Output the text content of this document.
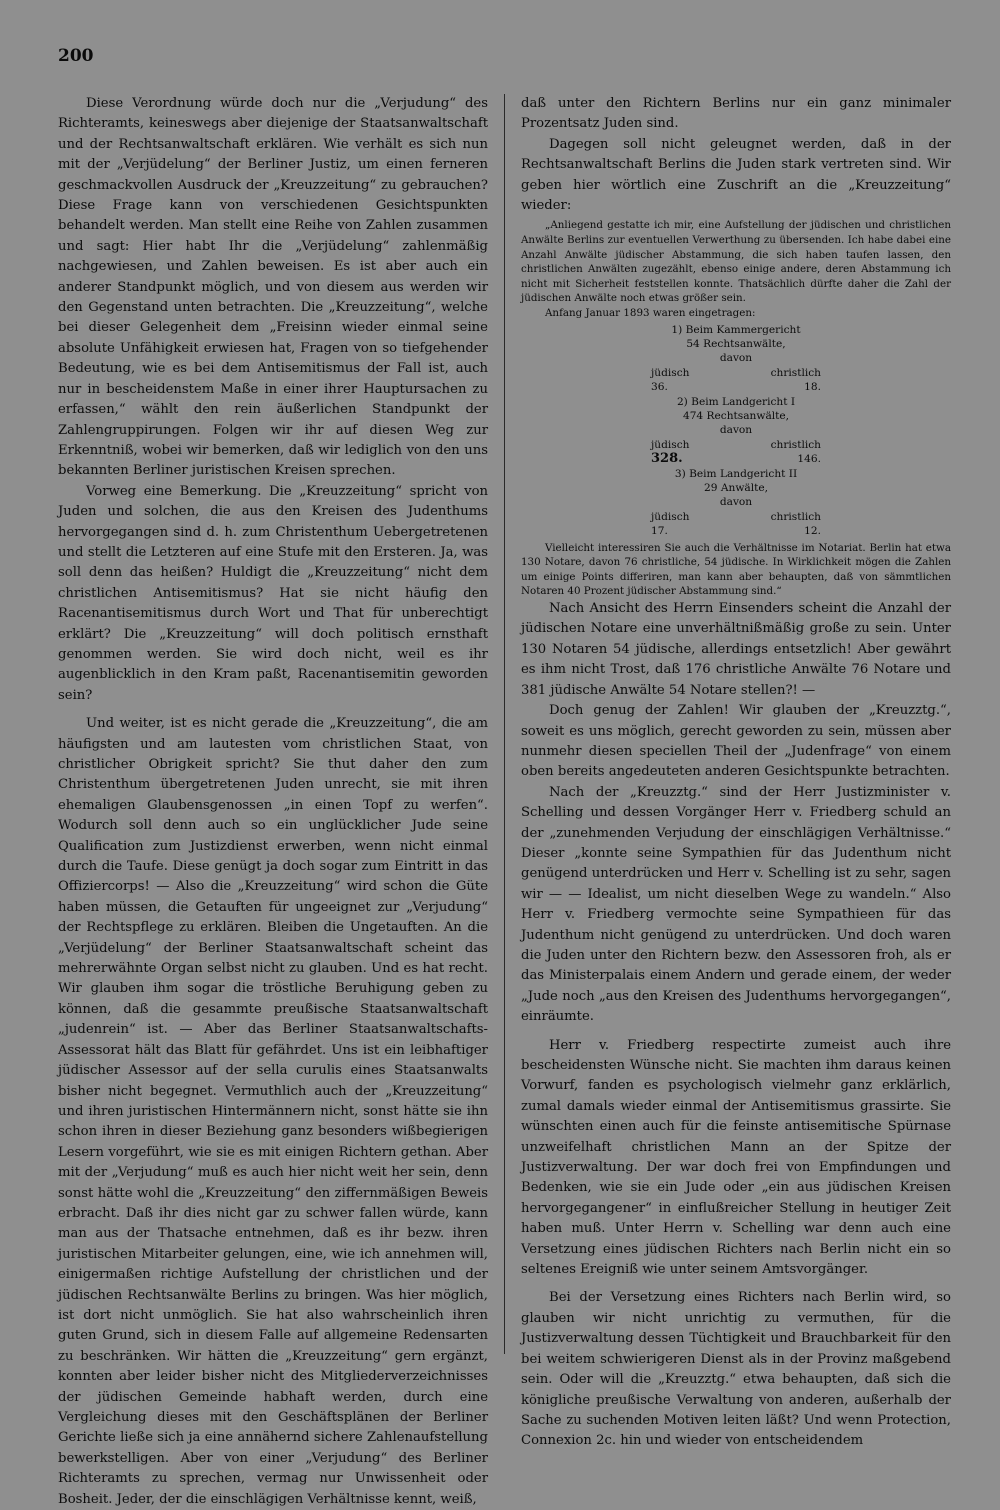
200

Diese Verordnung würde doch nur die „Verjudung“ des Richteramts, keineswegs aber diejenige der Staatsanwaltschaft und der Rechtsanwaltschaft erklären. Wie verhält es sich nun mit der „Verjüdelung“ der Berliner Justiz, um einen ferneren geschmackvollen Ausdruck der „Kreuzzeitung“ zu gebrauchen? Diese Frage kann von verschiedenen Gesichtspunkten behandelt werden. Man stellt eine Reihe von Zahlen zusammen und sagt: Hier habt Ihr die „Verjüdelung“ zahlenmäßig nachgewiesen, und Zahlen beweisen. Es ist aber auch ein anderer Standpunkt möglich, und von diesem aus werden wir den Gegenstand unten betrachten. Die „Kreuzzeitung“, welche bei dieser Gelegenheit dem „Freisinn wieder einmal seine absolute Unfähigkeit erwiesen hat, Fragen von so tiefgehender Bedeutung, wie es bei dem Antisemitismus der Fall ist, auch nur in bescheidenstem Maße in einer ihrer Hauptursachen zu erfassen,“ wählt den rein äußerlichen Standpunkt der Zahlengruppirungen. Folgen wir ihr auf diesen Weg zur Erkenntniß, wobei wir bemerken, daß wir lediglich von den uns bekannten Berliner juristischen Kreisen sprechen.

Vorweg eine Bemerkung. Die „Kreuzzeitung“ spricht von Juden und solchen, die aus den Kreisen des Judenthums hervorgegangen sind d. h. zum Christenthum Uebergetretenen und stellt die Letzteren auf eine Stufe mit den Ersteren. Ja, was soll denn das heißen? Huldigt die „Kreuzzeitung“ nicht dem christlichen Antisemitismus? Hat sie nicht häufig den Racenantisemitismus durch Wort und That für unberechtigt erklärt? Die „Kreuzzeitung“ will doch politisch ernsthaft genommen werden. Sie wird doch nicht, weil es ihr augenblicklich in den Kram paßt, Racenantisemitin geworden sein?

Und weiter, ist es nicht gerade die „Kreuzzeitung“, die am häufigsten und am lautesten vom christlichen Staat, von christlicher Obrigkeit spricht? Sie thut daher den zum Christenthum übergetretenen Juden unrecht, sie mit ihren ehemaligen Glaubensgenossen „in einen Topf zu werfen“. Wodurch soll denn auch so ein unglücklicher Jude seine Qualification zum Justizdienst erwerben, wenn nicht einmal durch die Taufe. Diese genügt ja doch sogar zum Eintritt in das Offiziercorps! — Also die „Kreuzzeitung“ wird schon die Güte haben müssen, die Getauften für ungeeignet zur „Verjudung“ der Rechtspflege zu erklären. Bleiben die Ungetauften. An die „Verjüdelung“ der Berliner Staatsanwaltschaft scheint das mehrerwähnte Organ selbst nicht zu glauben. Und es hat recht. Wir glauben ihm sogar die tröstliche Beruhigung geben zu können, daß die gesammte preußische Staatsanwaltschaft „judenrein“ ist. — Aber das Berliner Staatsanwaltschafts-Assessorat hält das Blatt für gefährdet. Uns ist ein leibhaftiger jüdischer Assessor auf der sella curulis eines Staatsanwalts bisher nicht begegnet. Vermuthlich auch der „Kreuzzeitung“ und ihren juristischen Hintermännern nicht, sonst hätte sie ihn schon ihren in dieser Beziehung ganz besonders wißbegierigen Lesern vorgeführt, wie sie es mit einigen Richtern gethan. Aber mit der „Verjudung“ muß es auch hier nicht weit her sein, denn sonst hätte wohl die „Kreuzzeitung“ den ziffernmäßigen Beweis erbracht. Daß ihr dies nicht gar zu schwer fallen würde, kann man aus der Thatsache entnehmen, daß es ihr bezw. ihren juristischen Mitarbeiter gelungen, eine, wie ich annehmen will, einigermaßen richtige Aufstellung der christlichen und der jüdischen Rechtsanwälte Berlins zu bringen. Was hier möglich, ist dort nicht unmöglich. Sie hat also wahrscheinlich ihren guten Grund, sich in diesem Falle auf allgemeine Redensarten zu beschränken. Wir hätten die „Kreuzzeitung“ gern ergänzt, konnten aber leider bisher nicht des Mitgliederverzeichnisses der jüdischen Gemeinde habhaft werden, durch eine Vergleichung dieses mit den Geschäftsplänen der Berliner Gerichte ließe sich ja eine annähernd sichere Zahlenaufstellung bewerkstelligen. Aber von einer „Verjudung“ des Berliner Richteramts zu sprechen, vermag nur Unwissenheit oder Bosheit. Jeder, der die einschlägigen Verhältnisse kennt, weiß,

daß unter den Richtern Berlins nur ein ganz minimaler Prozentsatz Juden sind.

Dagegen soll nicht geleugnet werden, daß in der Rechtsanwaltschaft Berlins die Juden stark vertreten sind. Wir geben hier wörtlich eine Zuschrift an die „Kreuzzeitung“ wieder:

„Anliegend gestatte ich mir, eine Aufstellung der jüdischen und christlichen Anwälte Berlins zur eventuellen Verwerthung zu übersenden. Ich habe dabei eine Anzahl Anwälte jüdischer Abstammung, die sich haben taufen lassen, den christlichen Anwälten zugezählt, ebenso einige andere, deren Abstammung ich nicht mit Sicherheit feststellen konnte. Thatsächlich dürfte daher die Zahl der jüdischen Anwälte noch etwas größer sein.

Anfang Januar 1893 waren eingetragen:

1) Beim Kammergericht
54 Rechtsanwälte,
davon
jüdisch	christlich
36.	18.
2) Beim Landgericht I
474 Rechtsanwälte,
davon
jüdisch	christlich
328.	146.
3) Beim Landgericht II
29 Anwälte,
davon
jüdisch	christlich
17.	12.

Vielleicht interessiren Sie auch die Verhältnisse im Notariat. Berlin hat etwa 130 Notare, davon 76 christliche, 54 jüdische. In Wirklichkeit mögen die Zahlen um einige Points differiren, man kann aber behaupten, daß von sämmtlichen Notaren 40 Prozent jüdischer Abstammung sind.“

Nach Ansicht des Herrn Einsenders scheint die Anzahl der jüdischen Notare eine unverhältnißmäßig große zu sein. Unter 130 Notaren 54 jüdische, allerdings entsetzlich! Aber gewährt es ihm nicht Trost, daß 176 christliche Anwälte 76 Notare und 381 jüdische Anwälte 54 Notare stellen?! —

Doch genug der Zahlen! Wir glauben der „Kreuzztg.“, soweit es uns möglich, gerecht geworden zu sein, müssen aber nunmehr diesen speciellen Theil der „Judenfrage“ von einem oben bereits angedeuteten anderen Gesichtspunkte betrachten.

Nach der „Kreuzztg.“ sind der Herr Justizminister v. Schelling und dessen Vorgänger Herr v. Friedberg schuld an der „zunehmenden Verjudung der einschlägigen Verhältnisse.“ Dieser „konnte seine Sympathien für das Judenthum nicht genügend unterdrücken und Herr v. Schelling ist zu sehr, sagen wir — — Idealist, um nicht dieselben Wege zu wandeln.“ Also Herr v. Friedberg vermochte seine Sympathieen für das Judenthum nicht genügend zu unterdrücken. Und doch waren die Juden unter den Richtern bezw. den Assessoren froh, als er das Ministerpalais einem Andern und gerade einem, der weder „Jude noch „aus den Kreisen des Judenthums hervorgegangen“, einräumte.

Herr v. Friedberg respectirte zumeist auch ihre bescheidensten Wünsche nicht. Sie machten ihm daraus keinen Vorwurf, fanden es psychologisch vielmehr ganz erklärlich, zumal damals wieder einmal der Antisemitismus grassirte. Sie wünschten einen auch für die feinste antisemitische Spürnase unzweifelhaft christlichen Mann an der Spitze der Justizverwaltung. Der war doch frei von Empfindungen und Bedenken, wie sie ein Jude oder „ein aus jüdischen Kreisen hervorgegangener“ in einflußreicher Stellung in heutiger Zeit haben muß. Unter Herrn v. Schelling war denn auch eine Versetzung eines jüdischen Richters nach Berlin nicht ein so seltenes Ereigniß wie unter seinem Amtsvorgänger.

Bei der Versetzung eines Richters nach Berlin wird, so glauben wir nicht unrichtig zu vermuthen, für die Justizverwaltung dessen Tüchtigkeit und Brauchbarkeit für den bei weitem schwierigeren Dienst als in der Provinz maßgebend sein. Oder will die „Kreuzztg.“ etwa behaupten, daß sich die königliche preußische Verwaltung von anderen, außerhalb der Sache zu suchenden Motiven leiten läßt? Und wenn Protection, Connexion 2c. hin und wieder von entscheidendem
